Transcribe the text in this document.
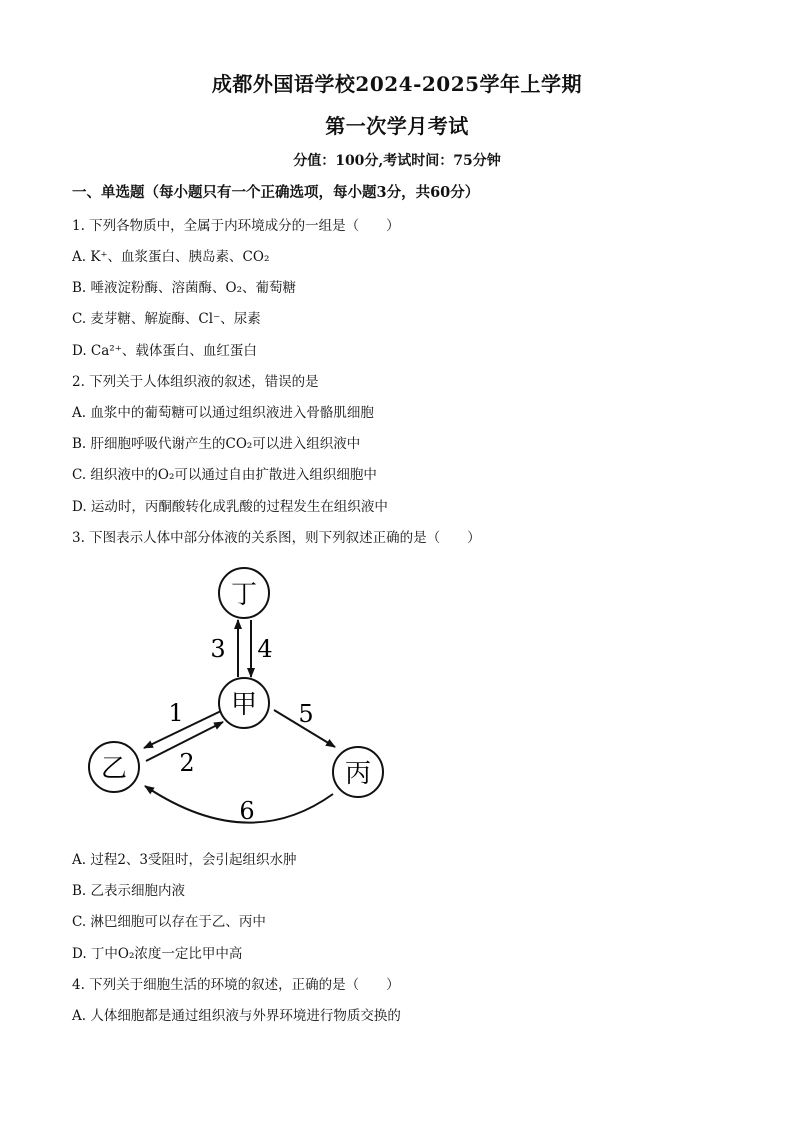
成都外国语学校2024-2025学年上学期
第一次学月考试
分值：100分,考试时间：75分钟
一、单选题（每小题只有一个正确选项，每小题3分，共60分）
1. 下列各物质中，全属于内环境成分的一组是（　　）
A. K⁺、血浆蛋白、胰岛素、CO₂
B. 唾液淀粉酶、溶菌酶、O₂、葡萄糖
C. 麦芽糖、解旋酶、Cl⁻、尿素
D. Ca²⁺、载体蛋白、血红蛋白
2. 下列关于人体组织液的叙述，错误的是
A. 血浆中的葡萄糖可以通过组织液进入骨骼肌细胞
B. 肝细胞呼吸代谢产生的CO₂可以进入组织液中
C. 组织液中的O₂可以通过自由扩散进入组织细胞中
D. 运动时，丙酮酸转化成乳酸的过程发生在组织液中
3. 下图表示人体中部分体液的关系图，则下列叙述正确的是（　　）
丁
甲
乙	丙
3 4
1
2
5
6
A. 过程2、3受阻时，会引起组织水肿
B. 乙表示细胞内液
C. 淋巴细胞可以存在于乙、丙中
D. 丁中O₂浓度一定比甲中高
4. 下列关于细胞生活的环境的叙述，正确的是（　　）
A. 人体细胞都是通过组织液与外界环境进行物质交换的
